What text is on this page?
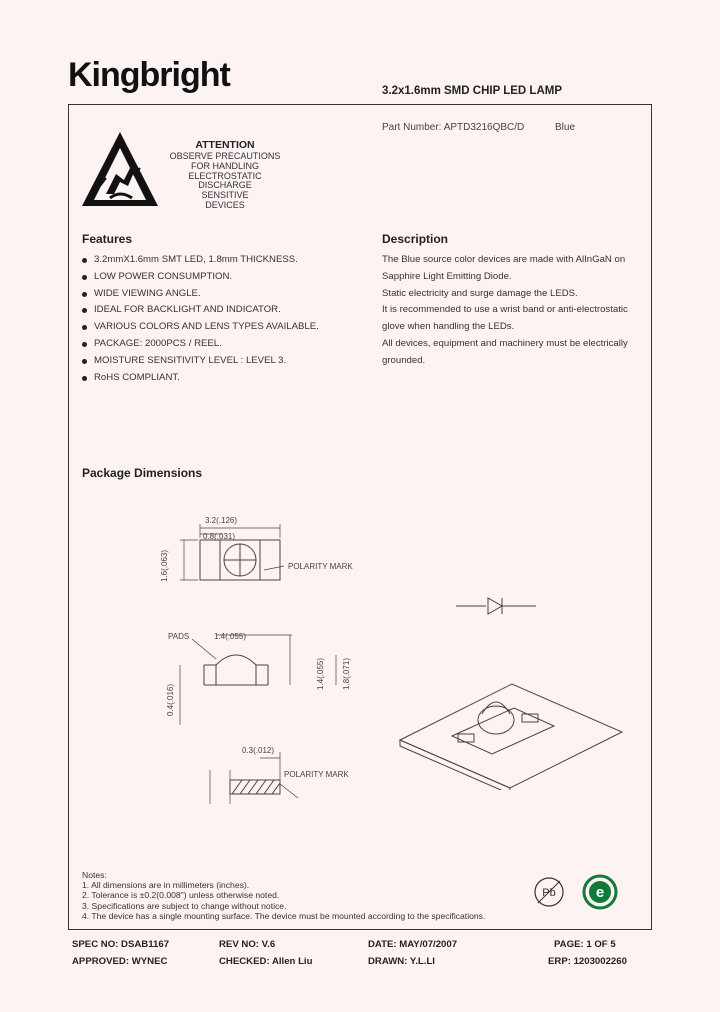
Kingbright	3.2x1.6mm SMD CHIP LED LAMP
Part Number: APTD3216QBC/D	Blue
ATTENTION
OBSERVE PRECAUTIONS
FOR HANDLING
ELECTROSTATIC
DISCHARGE
SENSITIVE
DEVICES
Features
3.2mmX1.6mm SMT LED, 1.8mm THICKNESS.
LOW POWER CONSUMPTION.
WIDE VIEWING ANGLE.
IDEAL FOR BACKLIGHT AND INDICATOR.
VARIOUS COLORS AND LENS TYPES AVAILABLE.
PACKAGE: 2000PCS / REEL.
MOISTURE SENSITIVITY LEVEL : LEVEL 3.
RoHS COMPLIANT.
Description
The Blue source color devices are made with AlInGaN on
Sapphire Light Emitting Diode.
Static electricity and surge damage the LEDS.
It is recommended to use a wrist band or anti-electrostatic
glove when handling the LEDs.
All devices, equipment and machinery must be electrically
grounded.
Package Dimensions
3.2(.126)
0.8(.031)
1.6(.063)	POLARITY MARK
PADS	1.4(.055)
1.4(.055) 1.8(.071)
0.4(.016)
0.3(.012)
POLARITY MARK
Notes:
1. All dimensions are in millimeters (inches).
2. Tolerance is ±0.2(0.008") unless otherwise noted.
3. Specifications are subject to change without notice.
4. The device has a single mounting surface. The device must be mounted according to the specifications.
Pb	e
SPEC NO: DSAB1167	REV NO: V.6	DATE: MAY/07/2007	PAGE: 1 OF 5
APPROVED: WYNEC	CHECKED: Allen Liu	DRAWN: Y.L.LI	ERP: 1203002260
